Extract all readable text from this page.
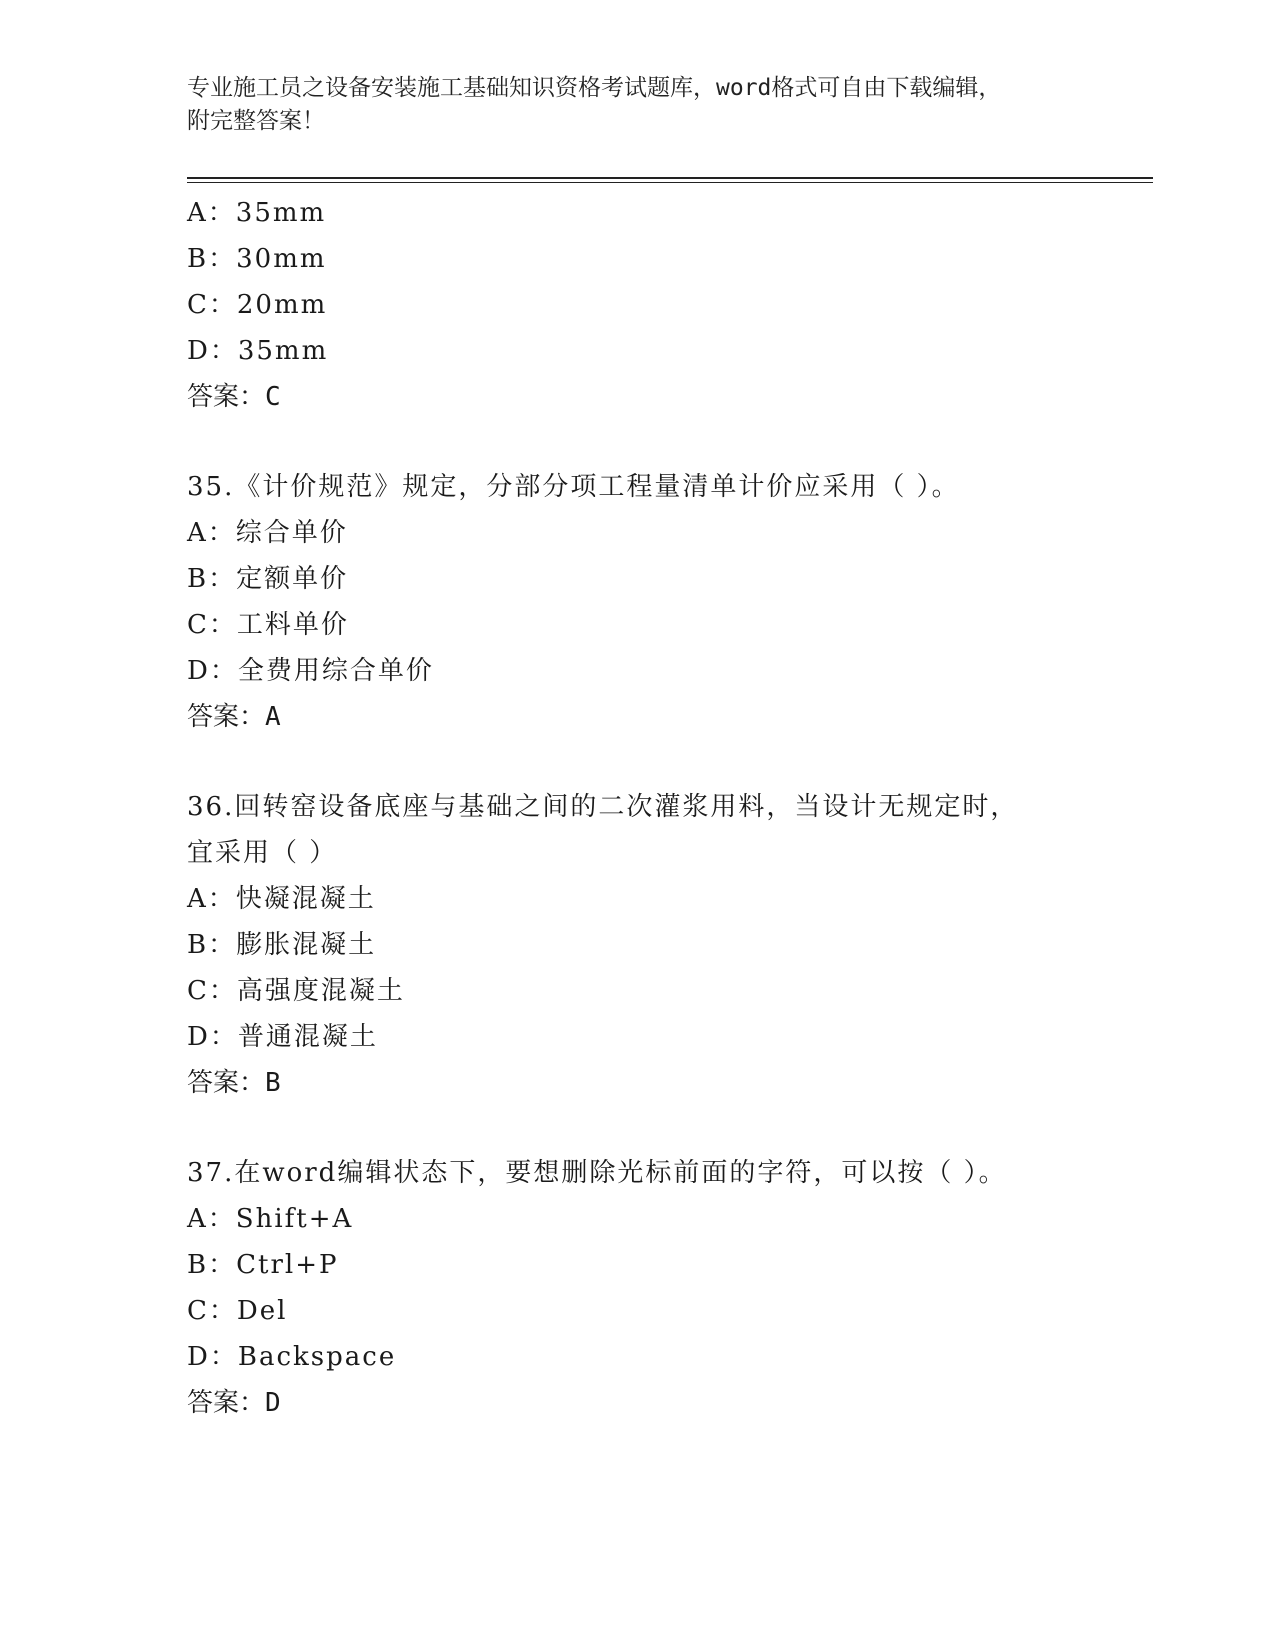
专业施工员之设备安装施工基础知识资格考试题库，word格式可自由下载编辑，
附完整答案！
A：35mm
B：30mm
C：20mm
D：35mm
答案：C
35.《计价规范》规定，分部分项工程量清单计价应采用（ ）。
A：综合单价
B：定额单价
C：工料单价
D：全费用综合单价
答案：A
36.回转窑设备底座与基础之间的二次灌浆用料，当设计无规定时，宜采用（ ）
A：快凝混凝土
B：膨胀混凝土
C：高强度混凝土
D：普通混凝土
答案：B
37.在word编辑状态下，要想删除光标前面的字符，可以按（ ）。
A：Shift+A
B：Ctrl+P
C：Del
D：Backspace
答案：D
